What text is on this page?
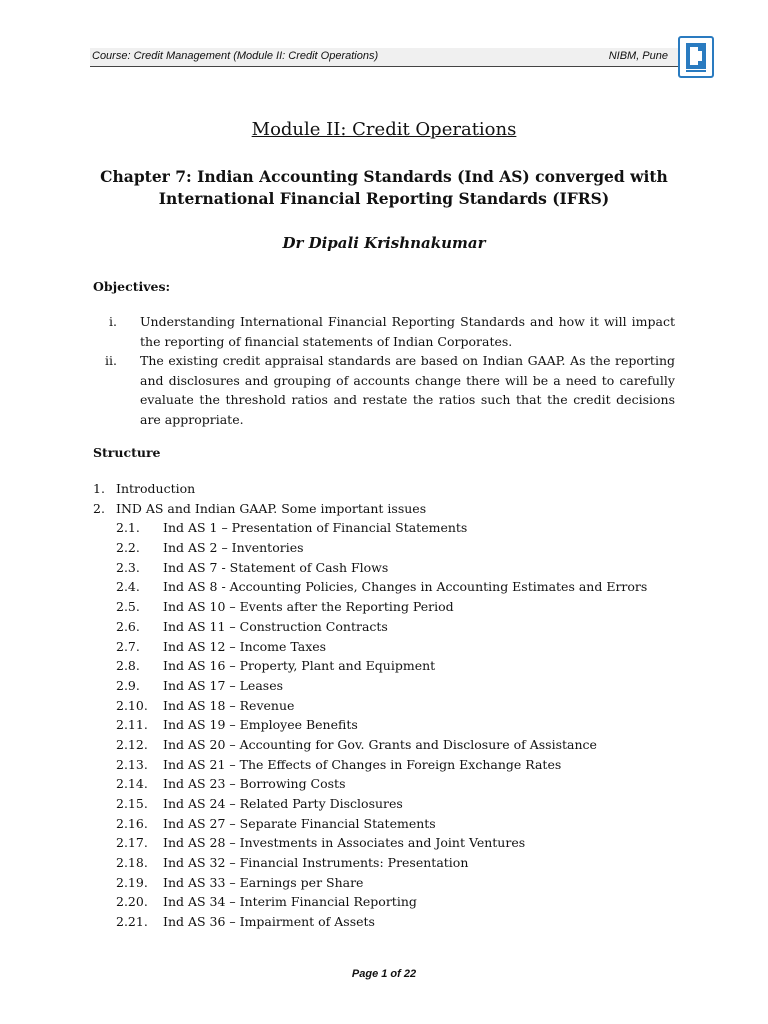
Course: Credit Management (Module II: Credit Operations)	NIBM, Pune
Module II: Credit Operations
Chapter 7: Indian Accounting Standards (Ind AS) converged with
International Financial Reporting Standards (IFRS)
Dr Dipali Krishnakumar
Objectives:
i. Understanding International Financial Reporting Standards and how it will impact the reporting of financial statements of Indian Corporates.
ii. The existing credit appraisal standards are based on Indian GAAP. As the reporting and disclosures and grouping of accounts change there will be a need to carefully evaluate the threshold ratios and restate the ratios such that the credit decisions are appropriate.
Structure
1. Introduction
2. IND AS and Indian GAAP. Some important issues
2.1. Ind AS 1 – Presentation of Financial Statements
2.2. Ind AS 2 – Inventories
2.3. Ind AS 7 - Statement of Cash Flows
2.4. Ind AS 8 - Accounting Policies, Changes in Accounting Estimates and Errors
2.5. Ind AS 10 – Events after the Reporting Period
2.6. Ind AS 11 – Construction Contracts
2.7. Ind AS 12 – Income Taxes
2.8. Ind AS 16 – Property, Plant and Equipment
2.9. Ind AS 17 – Leases
2.10. Ind AS 18 – Revenue
2.11. Ind AS 19 – Employee Benefits
2.12. Ind AS 20 – Accounting for Gov. Grants and Disclosure of Assistance
2.13. Ind AS 21 – The Effects of Changes in Foreign Exchange Rates
2.14. Ind AS 23 – Borrowing Costs
2.15. Ind AS 24 – Related Party Disclosures
2.16. Ind AS 27 – Separate Financial Statements
2.17. Ind AS 28 – Investments in Associates and Joint Ventures
2.18. Ind AS 32 – Financial Instruments: Presentation
2.19. Ind AS 33 – Earnings per Share
2.20. Ind AS 34 – Interim Financial Reporting
2.21. Ind AS 36 – Impairment of Assets
Page 1 of 22
